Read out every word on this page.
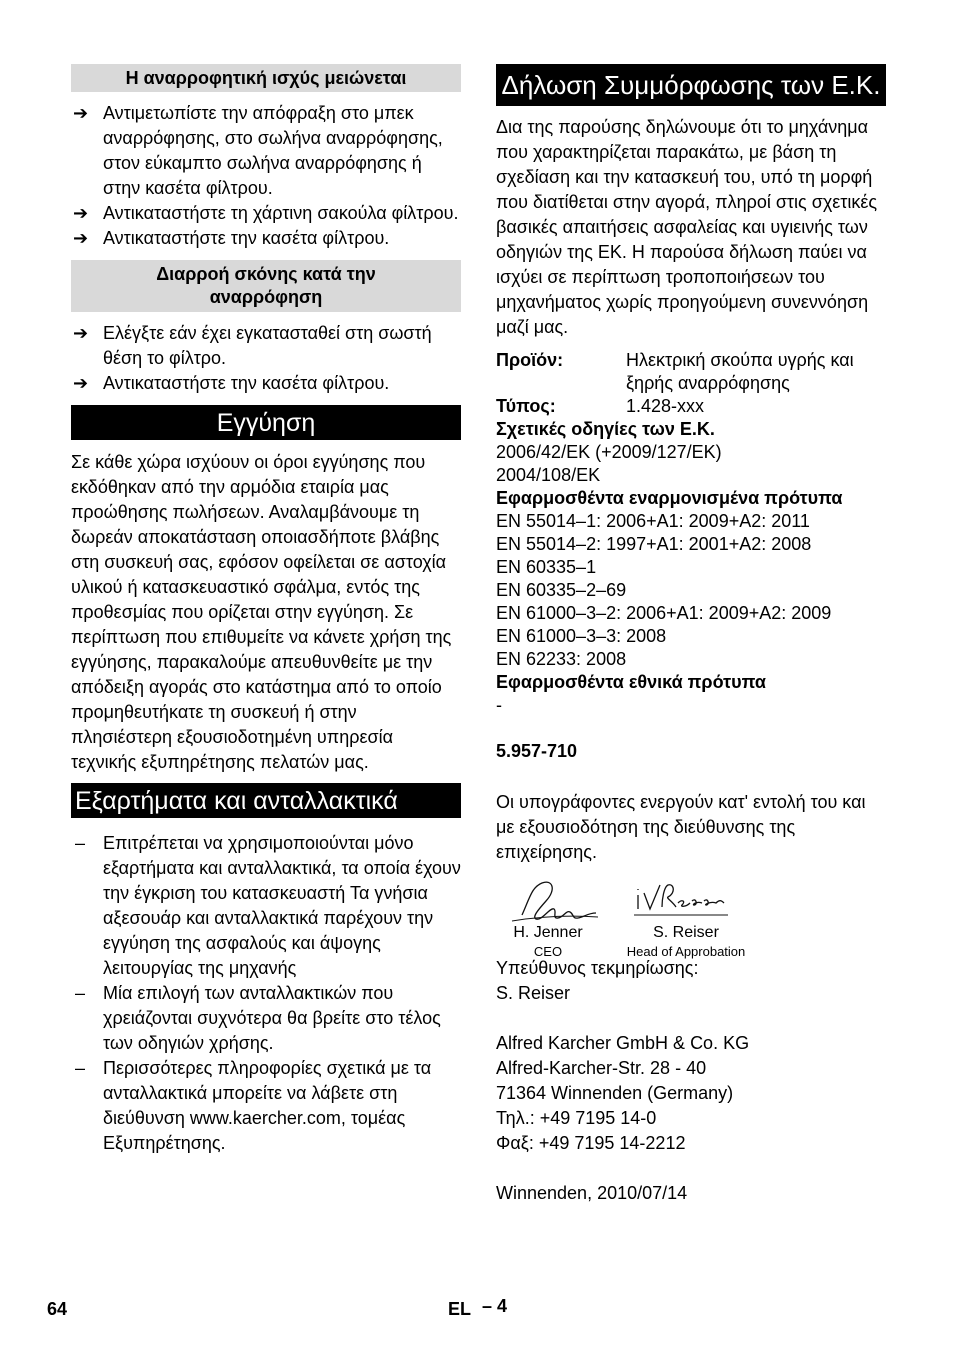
Η αναρροφητική ισχύς μειώνεται
➔ Αντιμετωπίστε την απόφραξη στο μπεκ αναρρόφησης, στο σωλήνα αναρρόφησης, στον εύκαμπτο σωλήνα αναρρόφησης ή στην κασέτα φίλτρου.
➔ Αντικαταστήστε τη χάρτινη σακούλα φίλτρου.
➔ Αντικαταστήστε την κασέτα φίλτρου.
Διαρροή σκόνης κατά την αναρρόφηση
➔ Ελέγξτε εάν έχει εγκατασταθεί στη σωστή θέση το φίλτρο.
➔ Αντικαταστήστε την κασέτα φίλτρου.
Εγγύηση

Σε κάθε χώρα ισχύουν οι όροι εγγύησης που εκδόθηκαν από την αρμόδια εταιρία μας προώθησης πωλήσεων. Αναλαμβάνουμε τη δωρεάν αποκατάσταση οποιασδήποτε βλάβης στη συσκευή σας, εφόσον οφείλεται σε αστοχία υλικού ή κατασκευαστικό σφάλμα, εντός της προθεσμίας που ορίζεται στην εγγύηση. Σε περίπτωση που επιθυμείτε να κάνετε χρήση της εγγύησης, παρακαλούμε απευθυνθείτε με την απόδειξη αγοράς στο κατάστημα από το οποίο προμηθευτήκατε τη συσκευή ή στην πλησιέστερη εξουσιοδοτημένη υπηρεσία τεχνικής εξυπηρέτησης πελατών μας.

Εξαρτήματα και ανταλλακτικά
– Επιτρέπεται να χρησιμοποιούνται μόνο εξαρτήματα και ανταλλακτικά, τα οποία έχουν την έγκριση του κατασκευαστή Τα γνήσια αξεσουάρ και ανταλλακτικά παρέχουν την εγγύηση της ασφαλούς και άψογης λειτουργίας της μηχανής
– Μία επιλογή των ανταλλακτικών που χρειάζονται συχνότερα θα βρείτε στο τέλος των οδηγιών χρήσης.
– Περισσότερες πληροφορίες σχετικά με τα ανταλλακτικά μπορείτε να λάβετε στη διεύθυνση www.kaercher.com, τομέας Εξυπηρέτησης.
Δήλωση Συμμόρφωσης των Ε.Κ.

Δια της παρούσης δηλώνουμε ότι το μηχάνημα που χαρακτηρίζεται παρακάτω, με βάση τη σχεδίαση και την κατασκευή του, υπό τη μορφή που διατίθεται στην αγορά, πληροί στις σχετικές βασικές απαιτήσεις ασφαλείας και υγιεινής των οδηγιών της ΕΚ. Η παρούσα δήλωση παύει να ισχύει σε περίπτωση τροποποιήσεων του μηχανήματος χωρίς προηγούμενη συνεννόηση μαζί μας.

Προϊόν:	Ηλεκτρική σκούπα υγρής και ξηρής αναρρόφησης
Τύπος:	1.428-xxx
Σχετικές οδηγίες των Ε.Κ.
2006/42/EK (+2009/127/EK)
2004/108/EK
Εφαρμοσθέντα εναρμονισμένα πρότυπα
EN 55014–1: 2006+A1: 2009+A2: 2011
EN 55014–2: 1997+A1: 2001+A2: 2008
EN 60335–1
EN 60335–2–69
EN 61000–3–2: 2006+A1: 2009+A2: 2009
EN 61000–3–3: 2008
EN 62233: 2008
Εφαρμοσθέντα εθνικά πρότυπα
-
5.957-710

Οι υπογράφοντες ενεργούν κατ' εντολή του και με εξουσιοδότηση της διεύθυνσης της επιχείρησης.

H. Jenner
CEO
S. Reiser
Head of Approbation
Υπεύθυνος τεκμηρίωσης:
S. Reiser
Alfred Karcher GmbH & Co. KG
Alfred-Karcher-Str. 28 - 40
71364 Winnenden (Germany)
Τηλ.: +49 7195 14-0
Φαξ: +49 7195 14-2212
Winnenden, 2010/07/14
64	EL – 4
